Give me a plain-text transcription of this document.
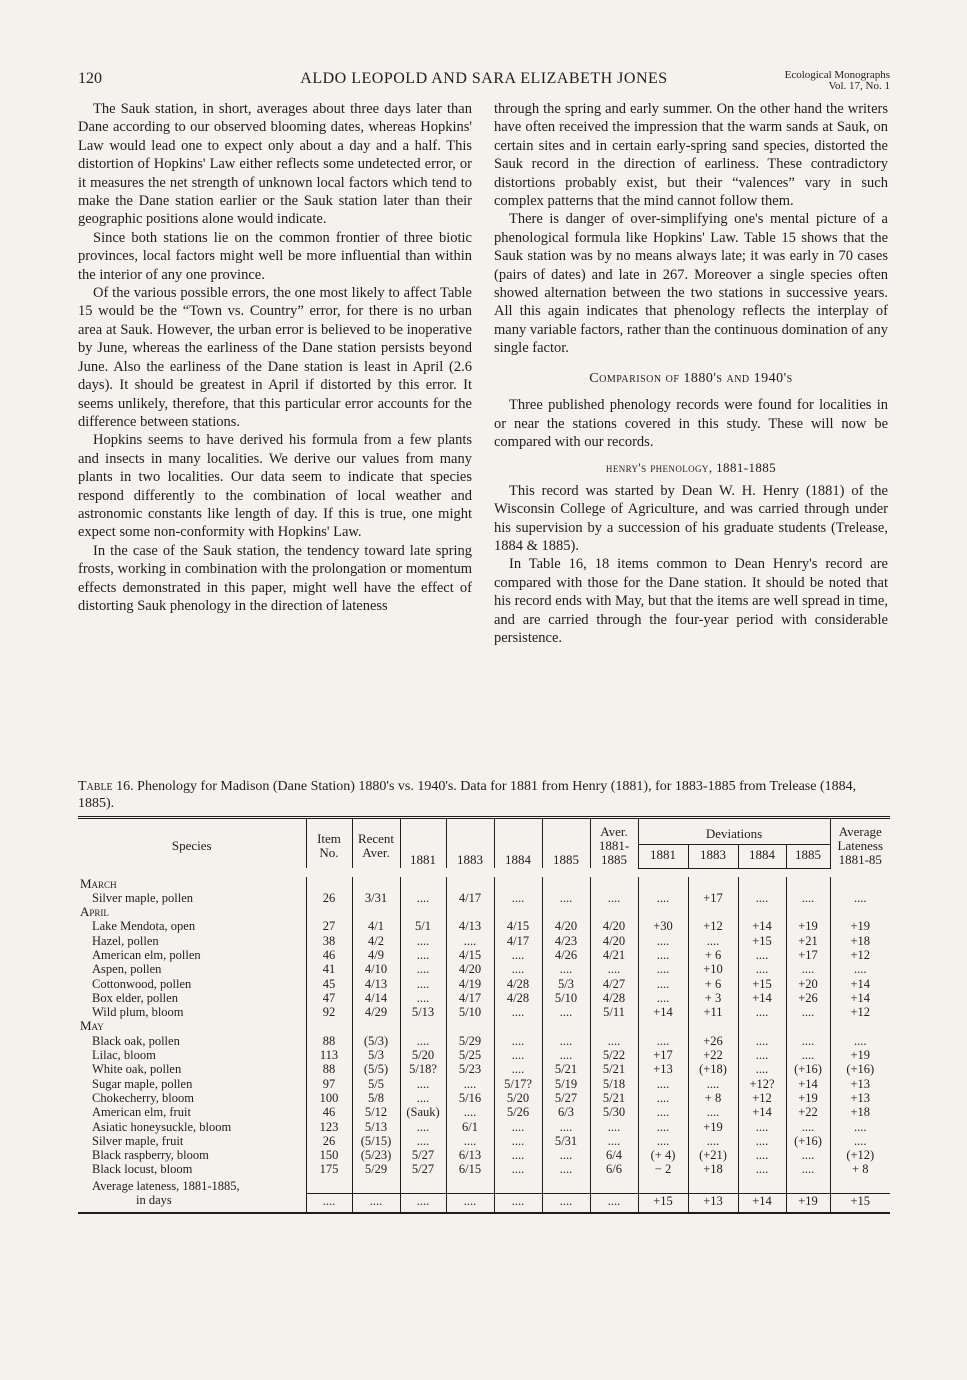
120	ALDO LEOPOLD AND SARA ELIZABETH JONES	Ecological Monographs
Vol. 17, No. 1

The Sauk station, in short, averages about three days later than Dane according to our observed blooming dates, whereas Hopkins' Law would lead one to expect only about a day and a half. This distortion of Hopkins' Law either reflects some undetected error, or it measures the net strength of unknown local factors which tend to make the Dane station earlier or the Sauk station later than their geographic positions alone would indicate.

Since both stations lie on the common frontier of three biotic provinces, local factors might well be more influential than within the interior of any one province.

Of the various possible errors, the one most likely to affect Table 15 would be the “Town vs. Country” error, for there is no urban area at Sauk. However, the urban error is believed to be inoperative by June, whereas the earliness of the Dane station persists beyond June. Also the earliness of the Dane station is least in April (2.6 days). It should be greatest in April if distorted by this error. It seems unlikely, therefore, that this particular error accounts for the difference between stations.

Hopkins seems to have derived his formula from a few plants and insects in many localities. We derive our values from many plants in two localities. Our data seem to indicate that species respond differently to the combination of local weather and astronomic constants like length of day. If this is true, one might expect some non-conformity with Hopkins' Law.

In the case of the Sauk station, the tendency toward late spring frosts, working in combination with the prolongation or momentum effects demonstrated in this paper, might well have the effect of distorting Sauk phenology in the direction of lateness

through the spring and early summer. On the other hand the writers have often received the impression that the warm sands at Sauk, on certain sites and in certain early-spring sand species, distorted the Sauk record in the direction of earliness. These contradictory distortions probably exist, but their “valences” vary in such complex patterns that the mind cannot follow them.

There is danger of over-simplifying one's mental picture of a phenological formula like Hopkins' Law. Table 15 shows that the Sauk station was by no means always late; it was early in 70 cases (pairs of dates) and late in 267. Moreover a single species often showed alternation between the two stations in successive years. All this again indicates that phenology reflects the interplay of many variable factors, rather than the continuous domination of any single factor.

Comparison of 1880's and 1940's

Three published phenology records were found for localities in or near the stations covered in this study. These will now be compared with our records.

henry's phenology, 1881-1885

This record was started by Dean W. H. Henry (1881) of the Wisconsin College of Agriculture, and was carried through under his supervision by a succession of his graduate students (Trelease, 1884 & 1885).

In Table 16, 18 items common to Dean Henry's record are compared with those for the Dane station. It should be noted that his record ends with May, but that the items are well spread in time, and are carried through the four-year period with considerable persistence.

Table 16. Phenology for Madison (Dane Station) 1880's vs. 1940's. Data for 1881 from Henry (1881), for 1883-1885 from Trelease (1884, 1885).
Species	Item No.	Recent Aver.	1881	1883	1884	1885	Aver. 1881-1885	Deviations				Average Lateness 1881-85
								1881	1883	1884	1885	

March												
Silver maple, pollen	26	3/31	....	4/17	....	....	....	....	+17	....	....	....
April												
Lake Mendota, open	27	4/1	5/1	4/13	4/15	4/20	4/20	+30	+12	+14	+19	+19
Hazel, pollen	38	4/2	....	....	4/17	4/23	4/20	....	....	+15	+21	+18
American elm, pollen	46	4/9	....	4/15	....	4/26	4/21	....	+ 6	....	+17	+12
Aspen, pollen	41	4/10	....	4/20	....	....	....	....	+10	....	....	....
Cottonwood, pollen	45	4/13	....	4/19	4/28	5/3	4/27	....	+ 6	+15	+20	+14
Box elder, pollen	47	4/14	....	4/17	4/28	5/10	4/28	....	+ 3	+14	+26	+14
Wild plum, bloom	92	4/29	5/13	5/10	....	....	5/11	+14	+11	....	....	+12
May												
Black oak, pollen	88	(5/3)	....	5/29	....	....	....	....	+26	....	....	....
Lilac, bloom	113	5/3	5/20	5/25	....	....	5/22	+17	+22	....	....	+19
White oak, pollen	88	(5/5)	5/18?	5/23	....	5/21	5/21	+13	(+18)	....	(+16)	(+16)
Sugar maple, pollen	97	5/5	....	....	5/17?	5/19	5/18	....	....	+12?	+14	+13
Chokecherry, bloom	100	5/8	....	5/16	5/20	5/27	5/21	....	+ 8	+12	+19	+13
American elm, fruit	46	5/12	(Sauk)	....	5/26	6/3	5/30	....	....	+14	+22	+18
Asiatic honeysuckle, bloom	123	5/13	....	6/1	....	....	....	....	+19	....	....	....
Silver maple, fruit	26	(5/15)	....	....	....	5/31	....	....	....	....	(+16)	....
Black raspberry, bloom	150	(5/23)	5/27	6/13	....	....	6/4	(+ 4)	(+21)	....	....	(+12)
Black locust, bloom	175	5/29	5/27	6/15	....	....	6/6	− 2	+18	....	....	+ 8
Average lateness, 1881-1885,												
in days	....	....	....	....	....	....	....	+15	+13	+14	+19	+15
